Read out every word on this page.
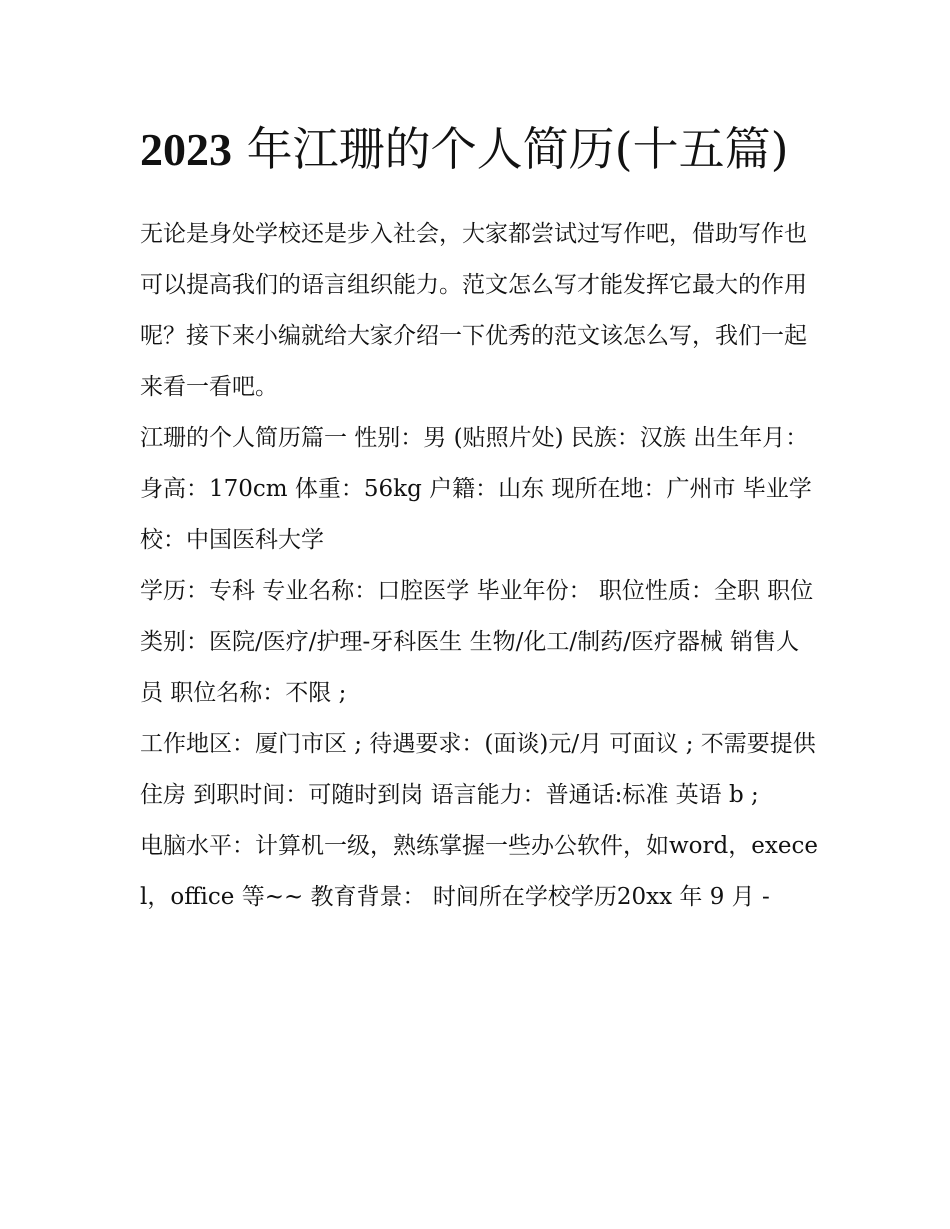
2023 年江珊的个人简历(十五篇)

无论是身处学校还是步入社会，大家都尝试过写作吧，借助写作也可以提高我们的语言组织能力。范文怎么写才能发挥它最大的作用呢？接下来小编就给大家介绍一下优秀的范文该怎么写，我们一起来看一看吧。

江珊的个人简历篇一 性别：男 (贴照片处) 民族：汉族 出生年月： 身高：170cm 体重：56kg 户籍：山东 现所在地：广州市 毕业学校：中国医科大学

学历：专科 专业名称：口腔医学 毕业年份： 职位性质：全职 职位类别：医院/医疗/护理-牙科医生 生物/化工/制药/医疗器械 销售人员 职位名称：不限 ;

工作地区：厦门市区 ; 待遇要求：(面谈)元/月 可面议 ; 不需要提供住房 到职时间：可随时到岗 语言能力：普通话:标准 英语 b ;

电脑水平：计算机一级，熟练掌握一些办公软件，如word，execel，office 等~~ 教育背景： 时间所在学校学历20xx 年 9 月 -
